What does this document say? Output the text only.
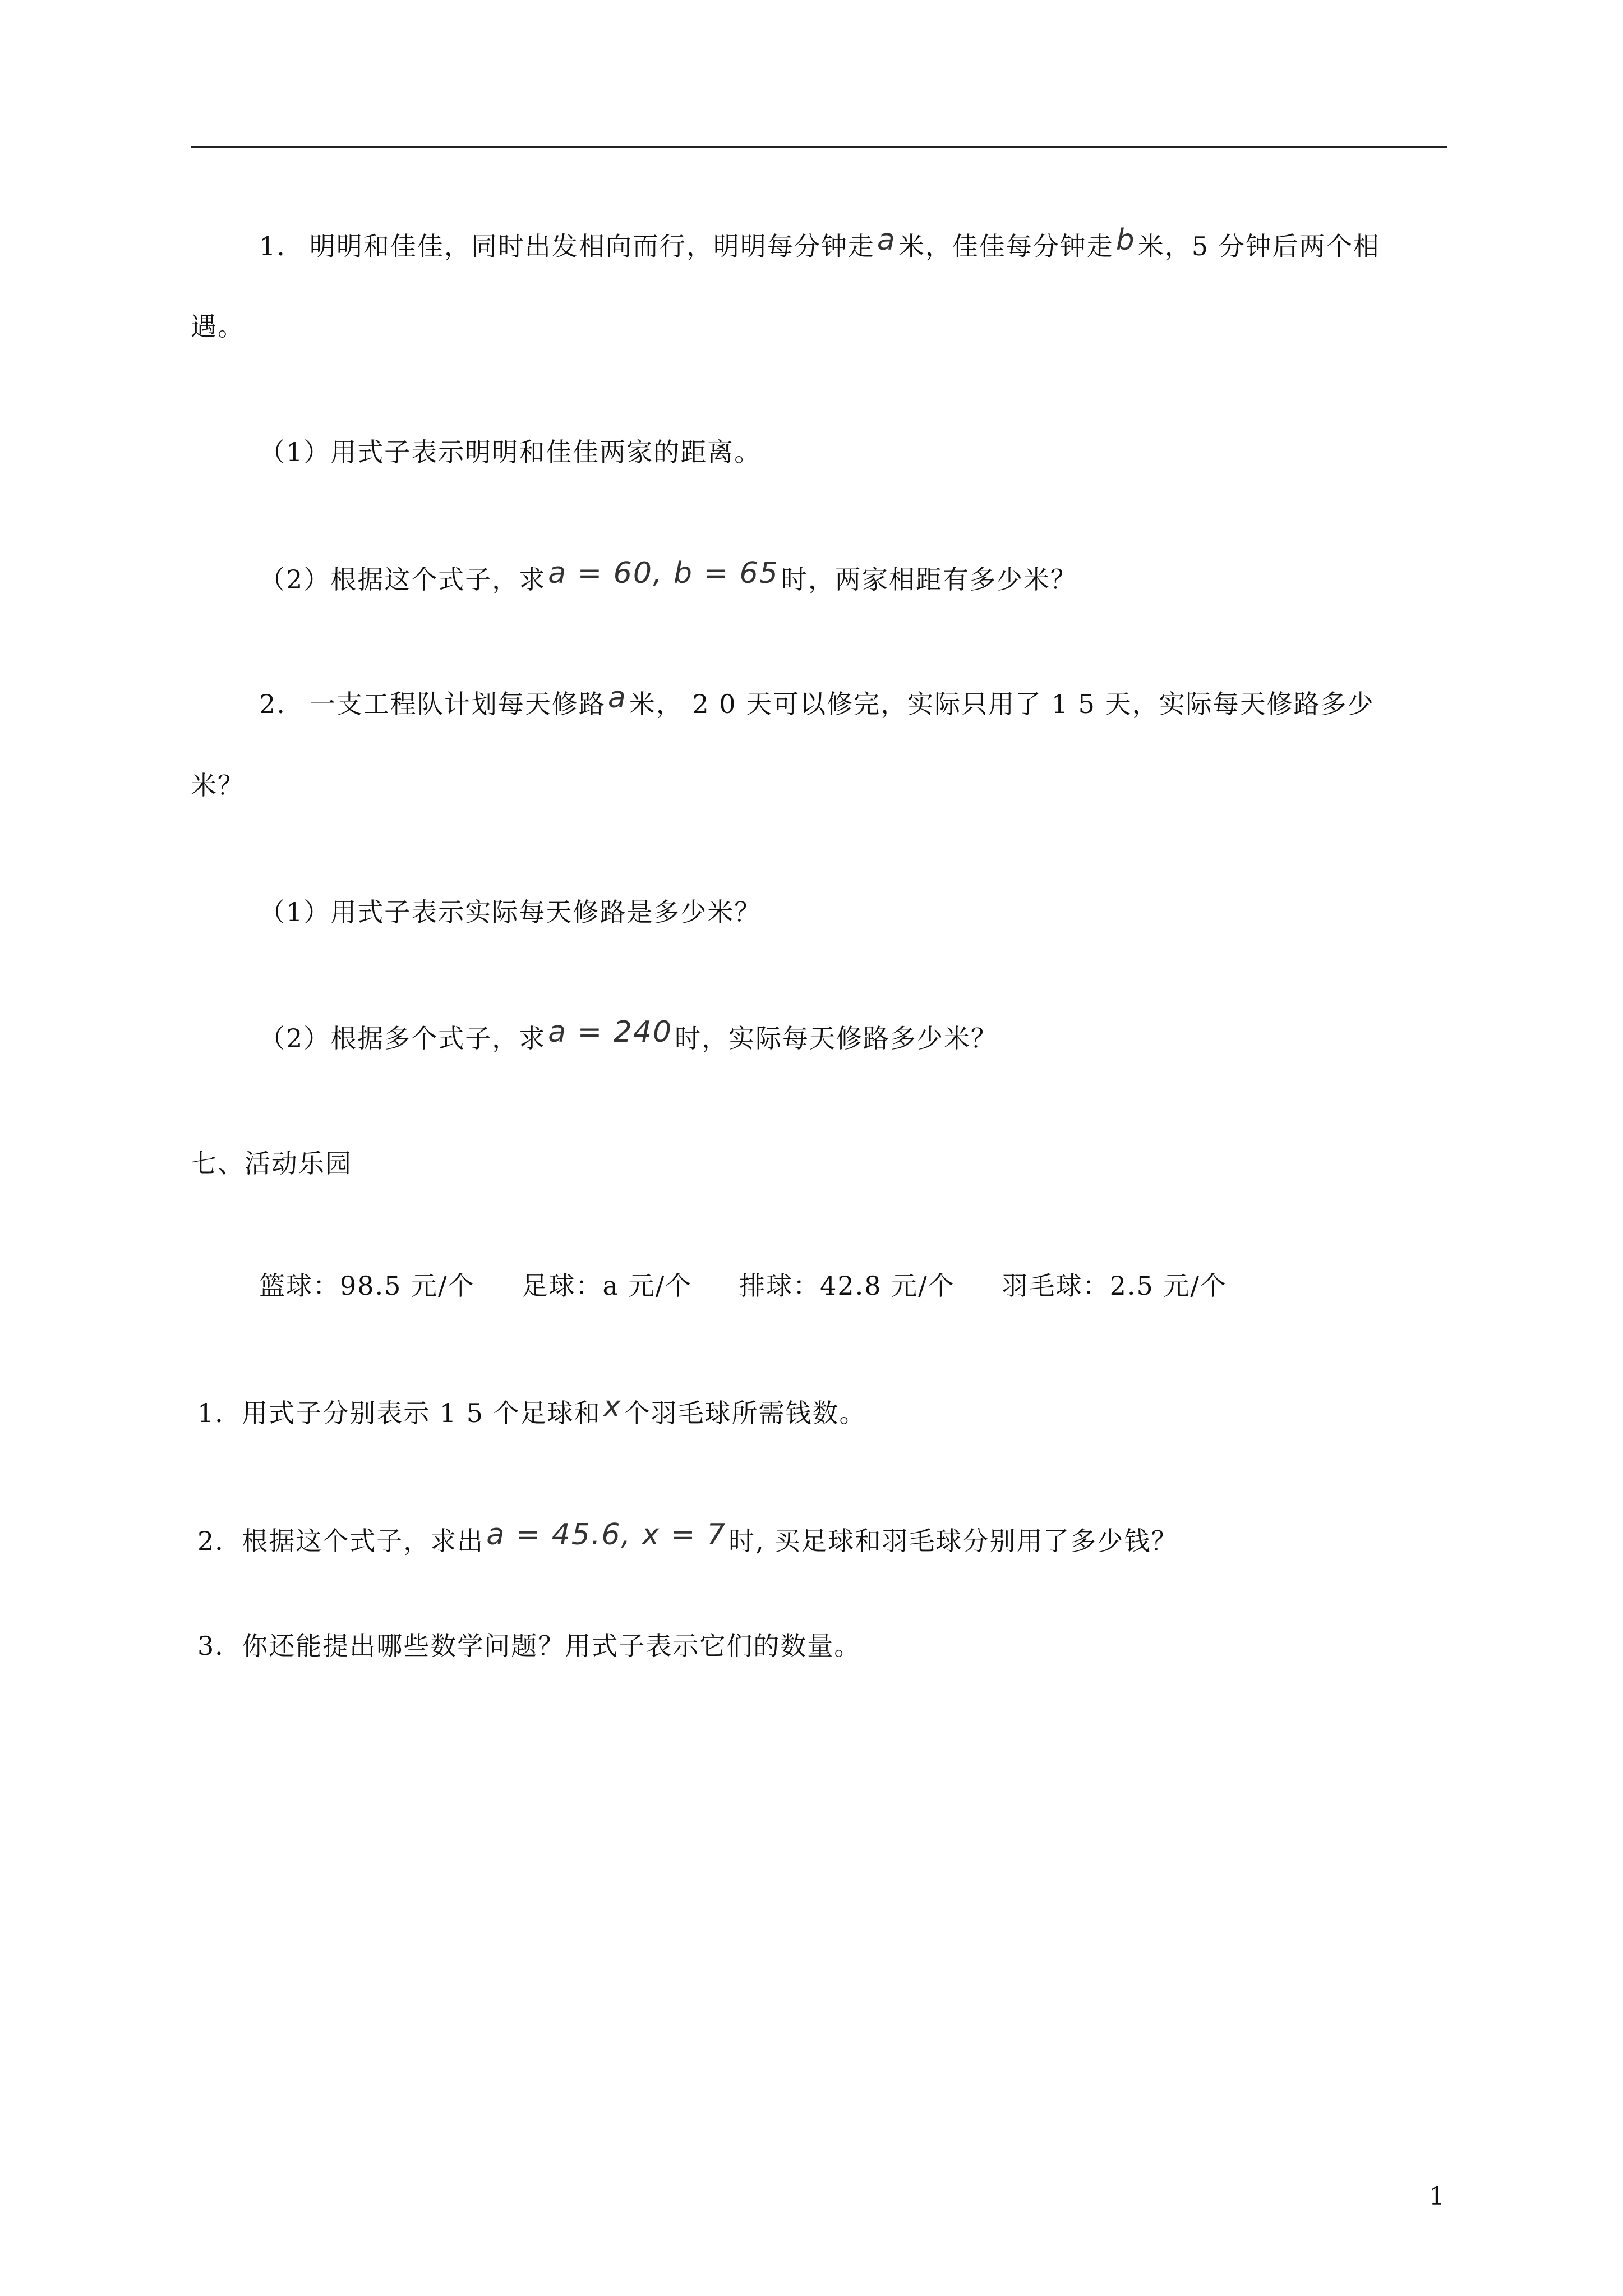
1. 明明和佳佳，同时出发相向而行，明明每分钟走a米，佳佳每分钟走b米，5 分钟后两个相
遇。
（1）用式子表示明明和佳佳两家的距离。
（2）根据这个式子，求a = 60, b = 65时，两家相距有多少米？
2. 一支工程队计划每天修路a米， 2 0 天可以修完，实际只用了 1 5 天，实际每天修路多少
米？
（1）用式子表示实际每天修路是多少米？
（2）根据多个式子，求a = 240时，实际每天修路多少米？
七、活动乐园
篮球：98.5 元/个 足球：a 元/个 排球：42.8 元/个 羽毛球：2.5 元/个
1．用式子分别表示 1 5 个足球和x个羽毛球所需钱数。
2．根据这个式子，求出a = 45.6, x = 7时, 买足球和羽毛球分别用了多少钱？
3．你还能提出哪些数学问题？用式子表示它们的数量。
1
